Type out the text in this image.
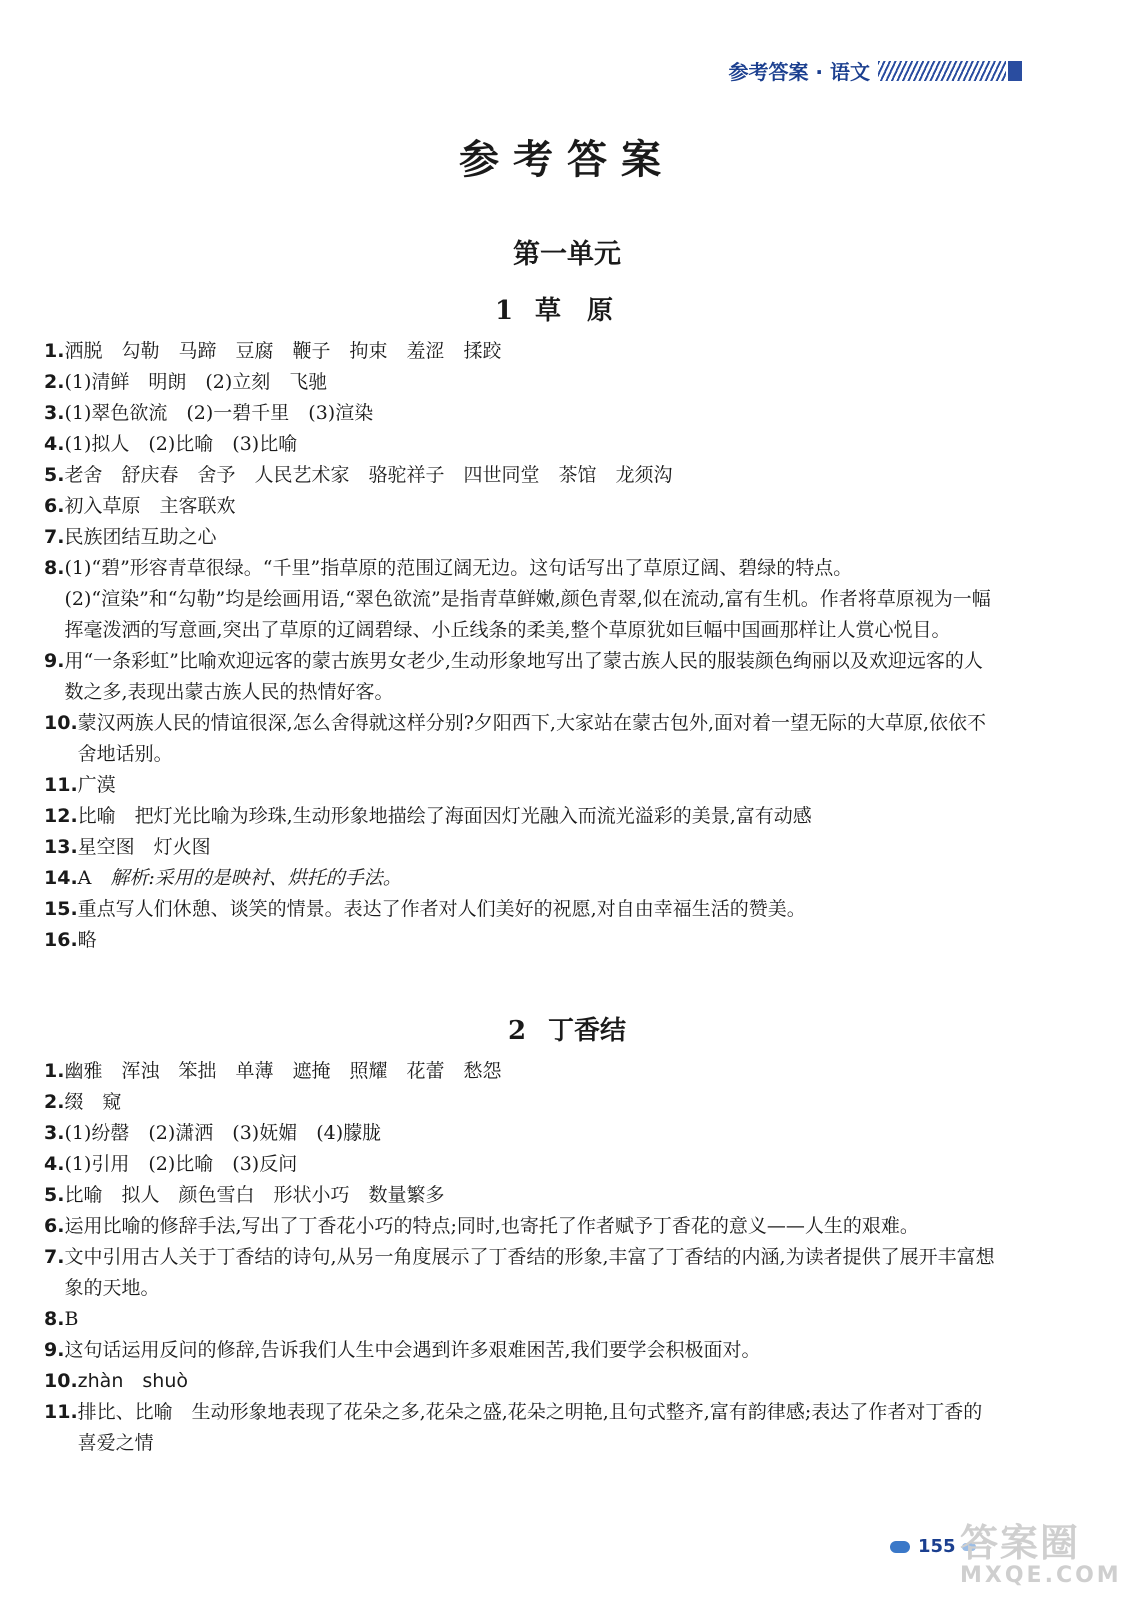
参考答案 · 语文
参考答案
第一单元
1 草原
1. 洒脱　勾勒　马蹄　豆腐　鞭子　拘束　羞涩　揉跤
2. (1)清鲜　明朗　(2)立刻　飞驰
3. (1)翠色欲流　(2)一碧千里　(3)渲染
4. (1)拟人　(2)比喻　(3)比喻
5. 老舍　舒庆春　舍予　人民艺术家　骆驼祥子　四世同堂　茶馆　龙须沟
6. 初入草原　主客联欢
7. 民族团结互助之心
8. (1)“碧”形容青草很绿。“千里”指草原的范围辽阔无边。这句话写出了草原辽阔、碧绿的特点。
(2)“渲染”和“勾勒”均是绘画用语,“翠色欲流”是指青草鲜嫩,颜色青翠,似在流动,富有生机。作者将草原视为一幅挥毫泼洒的写意画,突出了草原的辽阔碧绿、小丘线条的柔美,整个草原犹如巨幅中国画那样让人赏心悦目。
9. 用“一条彩虹”比喻欢迎远客的蒙古族男女老少,生动形象地写出了蒙古族人民的服装颜色绚丽以及欢迎远客的人数之多,表现出蒙古族人民的热情好客。
10. 蒙汉两族人民的情谊很深,怎么舍得就这样分别?夕阳西下,大家站在蒙古包外,面对着一望无际的大草原,依依不舍地话别。
11. 广漠
12. 比喻　把灯光比喻为珍珠,生动形象地描绘了海面因灯光融入而流光溢彩的美景,富有动感
13. 星空图　灯火图
14. A　 解析:采用的是映衬、烘托的手法。
15. 重点写人们休憩、谈笑的情景。表达了作者对人们美好的祝愿,对自由幸福生活的赞美。
16. 略
2 丁香结
1. 幽雅　浑浊　笨拙　单薄　遮掩　照耀　花蕾　愁怨
2. 缀　窥
3. (1)纷罄　(2)潇洒　(3)妩媚　(4)朦胧
4. (1)引用　(2)比喻　(3)反问
5. 比喻　拟人　颜色雪白　形状小巧　数量繁多
6. 运用比喻的修辞手法,写出了丁香花小巧的特点;同时,也寄托了作者赋予丁香花的意义——人生的艰难。
7. 文中引用古人关于丁香结的诗句,从另一角度展示了丁香结的形象,丰富了丁香结的内涵,为读者提供了展开丰富想象的天地。
8. B
9. 这句话运用反问的修辞,告诉我们人生中会遇到许多艰难困苦,我们要学会积极面对。
10. zhàn　shuò
11. 排比、比喻　生动形象地表现了花朵之多,花朵之盛,花朵之明艳,且句式整齐,富有韵律感;表达了作者对丁香的喜爱之情
155 答案圈
MXQE.COM
